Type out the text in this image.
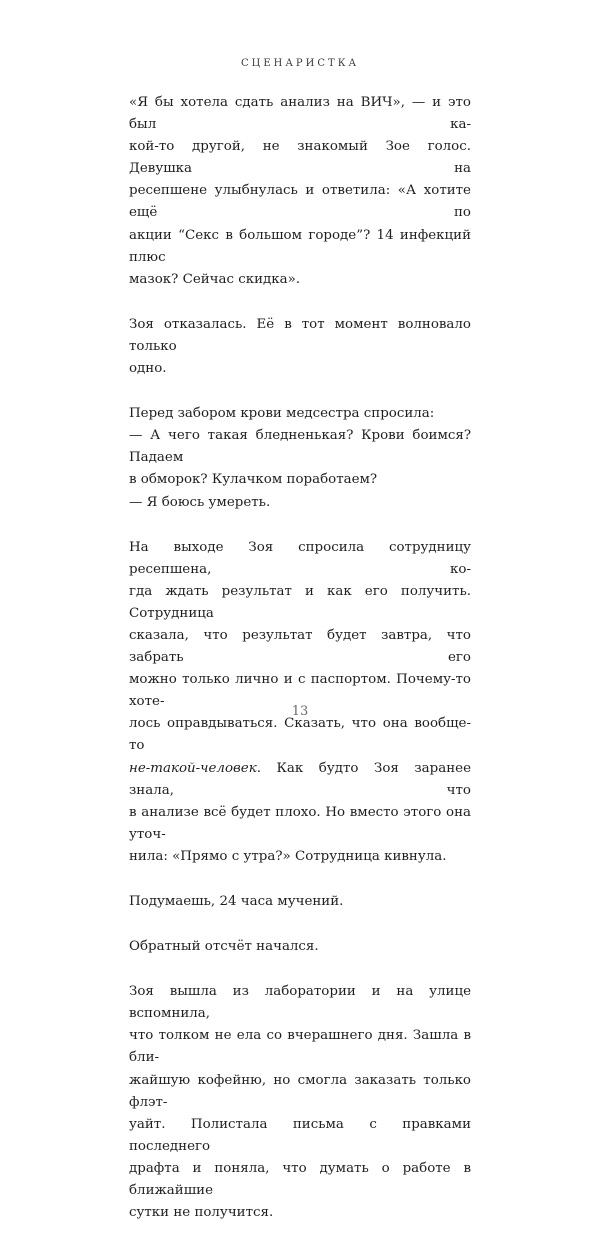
СЦЕНАРИСТКА

«Я бы хотела сдать анализ на ВИЧ», — и это был ка-
кой-то другой, не знакомый Зое голос. Девушка на
ресепшене улыбнулась и ответила: «А хотите ещё по
акции “Секс в большом городе”? 14 инфекций плюс
мазок? Сейчас скидка».

Зоя отказалась. Её в тот момент волновало только
одно.

Перед забором крови медсестра спросила:
— А чего такая бледненькая? Крови боимся? Падаем
в обморок? Кулачком поработаем?
— Я боюсь умереть.

На выходе Зоя спросила сотрудницу ресепшена, ко-
гда ждать результат и как его получить. Сотрудница
сказала, что результат будет завтра, что забрать его
можно только лично и с паспортом. Почему-то хоте-
лось оправдываться. Сказать, что она вообще-то
не-такой-человек. Как будто Зоя заранее знала, что
в анализе всё будет плохо. Но вместо этого она уточ-
нила: «Прямо с утра?» Сотрудница кивнула.

Подумаешь, 24 часа мучений.

Обратный отсчёт начался.

Зоя вышла из лаборатории и на улице вспомнила,
что толком не ела со вчерашнего дня. Зашла в бли-
жайшую кофейню, но смогла заказать только флэт-
уайт. Полистала письма с правками последнего
драфта и поняла, что думать о работе в ближайшие
сутки не получится.

13
